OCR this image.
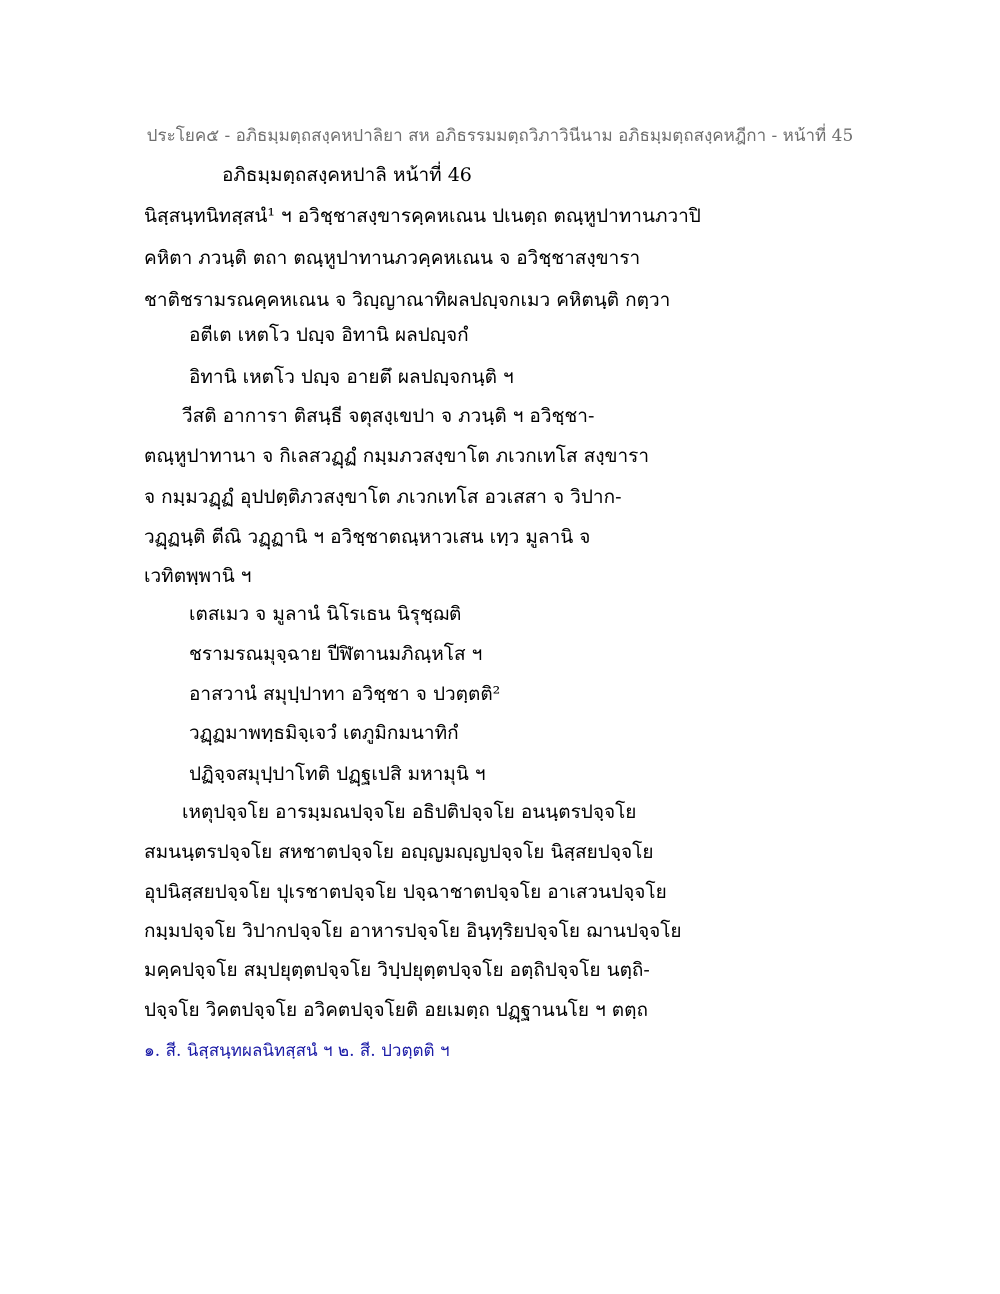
ประโยค๕ - อภิธมฺมตฺถสงฺคหปาลิยา สห อภิธรรมมตฺถวิภาวินีนาม อภิธมฺมตฺถสงฺคหฎีกา - หน้าที่ 45
อภิธมฺมตฺถสงฺคหปาลิ หน้าที่ 46
นิสฺสนฺทนิทสฺสนํ¹ ฯ อวิชฺชาสงฺขารคฺคหเณน ปเนตฺถ ตณฺหูปาทานภวาปิ
คหิตา ภวนฺติ ตถา ตณฺหูปาทานภวคฺคหเณน จ อวิชฺชาสงฺขารา
ชาติชรามรณคฺคหเณน จ วิญฺญาณาทิผลปญฺจกเมว คหิตนฺติ กตฺวา
อตีเต เหตโว ปญฺจ อิทานิ ผลปญฺจกํ
อิทานิ เหตโว ปญฺจ อายตึ ผลปญฺจกนฺติ ฯ
วีสติ อาการา ติสนฺธี จตุสงฺเขปา จ ภวนฺติ ฯ อวิชฺชา-
ตณฺหูปาทานา จ กิเลสวฏฺฏํ กมฺมภวสงฺขาโต ภเวกเทโส สงฺขารา
จ กมฺมวฏฺฏํ อุปปตฺติภวสงฺขาโต ภเวกเทโส อวเสสา จ วิปาก-
วฏฺฏนฺติ ตีณิ วฏฺฏานิ ฯ อวิชฺชาตณฺหาวเสน เทฺว มูลานิ จ
เวทิตพฺพานิ ฯ
เตสเมว จ มูลานํ นิโรเธน นิรุชฺฌติ
ชรามรณมุจฺฉาย ปีฬิตานมภิณฺหโส ฯ
อาสวานํ สมุปฺปาทา อวิชฺชา จ ปวตฺตติ²
วฏฺฏมาพทฺธมิจฺเจวํ เตภูมิกมนาทิกํ
ปฏิจฺจสมุปฺปาโทติ ปฏฺฐเปสิ มหามุนิ ฯ
เหตุปจฺจโย อารมฺมณปจฺจโย อธิปติปจฺจโย อนนฺตรปจฺจโย
สมนนฺตรปจฺจโย สหชาตปจฺจโย อญฺญมญฺญปจฺจโย นิสฺสยปจฺจโย
อุปนิสฺสยปจฺจโย ปุเรชาตปจฺจโย ปจฺฉาชาตปจฺจโย อาเสวนปจฺจโย
กมฺมปจฺจโย วิปากปจฺจโย อาหารปจฺจโย อินฺทฺริยปจฺจโย ฌานปจฺจโย
มคฺคปจฺจโย สมฺปยุตฺตปจฺจโย วิปฺปยุตฺตปจฺจโย อตฺถิปจฺจโย นตฺถิ-
ปจฺจโย วิคตปจฺจโย อวิคตปจฺจโยติ อยเมตฺถ ปฏฺฐานนโย ฯ ตตฺถ
๑. สี. นิสฺสนฺทผลนิทสฺสนํ ฯ ๒. สี. ปวตฺตติ ฯ
